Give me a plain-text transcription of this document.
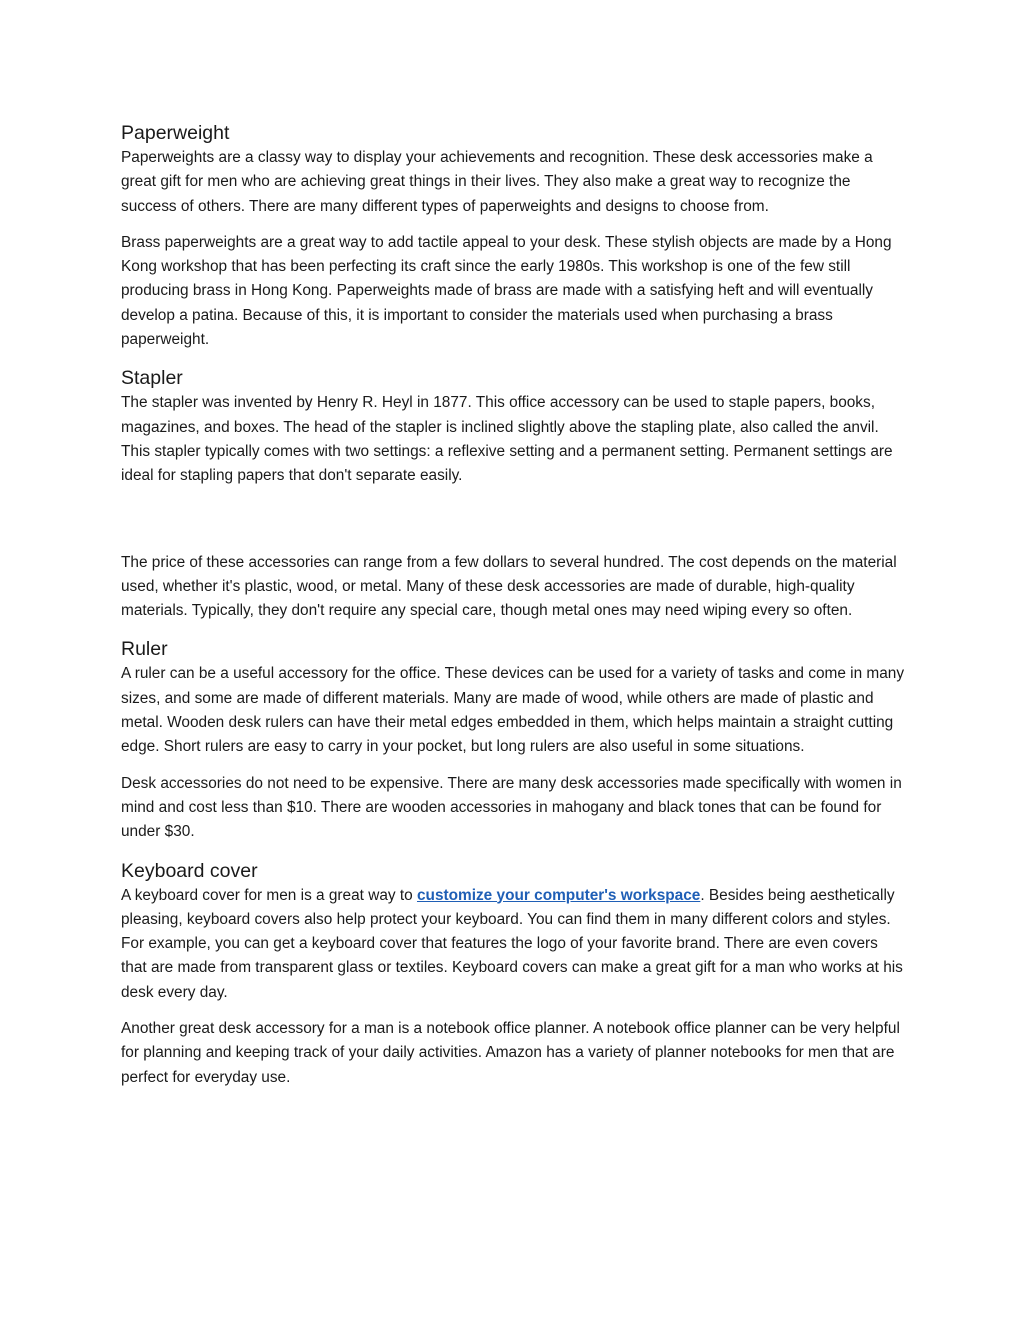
Paperweight

Paperweights are a classy way to display your achievements and recognition. These desk accessories make a great gift for men who are achieving great things in their lives. They also make a great way to recognize the success of others. There are many different types of paperweights and designs to choose from.

Brass paperweights are a great way to add tactile appeal to your desk. These stylish objects are made by a Hong Kong workshop that has been perfecting its craft since the early 1980s. This workshop is one of the few still producing brass in Hong Kong. Paperweights made of brass are made with a satisfying heft and will eventually develop a patina. Because of this, it is important to consider the materials used when purchasing a brass paperweight.

Stapler

The stapler was invented by Henry R. Heyl in 1877. This office accessory can be used to staple papers, books, magazines, and boxes. The head of the stapler is inclined slightly above the stapling plate, also called the anvil. This stapler typically comes with two settings: a reflexive setting and a permanent setting. Permanent settings are ideal for stapling papers that don't separate easily.

The price of these accessories can range from a few dollars to several hundred. The cost depends on the material used, whether it's plastic, wood, or metal. Many of these desk accessories are made of durable, high-quality materials. Typically, they don't require any special care, though metal ones may need wiping every so often.

Ruler

A ruler can be a useful accessory for the office. These devices can be used for a variety of tasks and come in many sizes, and some are made of different materials. Many are made of wood, while others are made of plastic and metal. Wooden desk rulers can have their metal edges embedded in them, which helps maintain a straight cutting edge. Short rulers are easy to carry in your pocket, but long rulers are also useful in some situations.

Desk accessories do not need to be expensive. There are many desk accessories made specifically with women in mind and cost less than $10. There are wooden accessories in mahogany and black tones that can be found for under $30.

Keyboard cover

A keyboard cover for men is a great way to customize your computer's workspace. Besides being aesthetically pleasing, keyboard covers also help protect your keyboard. You can find them in many different colors and styles. For example, you can get a keyboard cover that features the logo of your favorite brand. There are even covers that are made from transparent glass or textiles. Keyboard covers can make a great gift for a man who works at his desk every day.

Another great desk accessory for a man is a notebook office planner. A notebook office planner can be very helpful for planning and keeping track of your daily activities. Amazon has a variety of planner notebooks for men that are perfect for everyday use.
